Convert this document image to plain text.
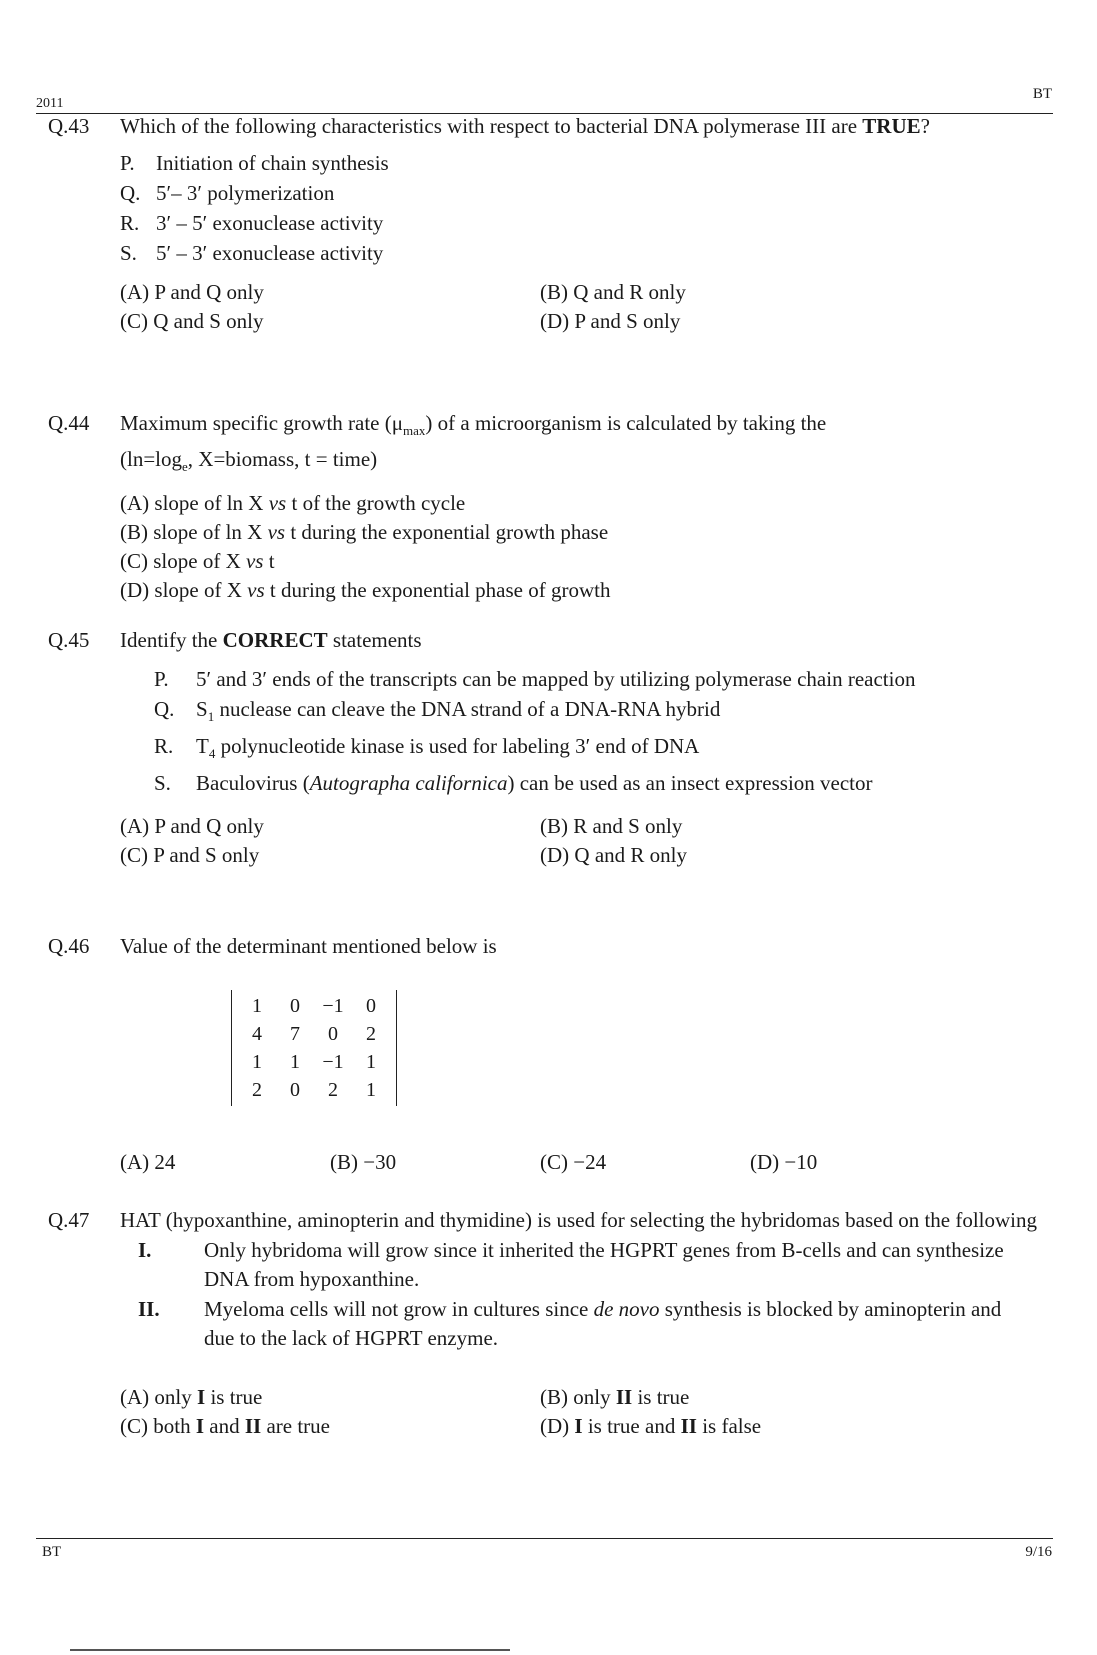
2011
BT
Q.43 Which of the following characteristics with respect to bacterial DNA polymerase III are TRUE?
P.	Initiation of chain synthesis
Q. 5′– 3′ polymerization
R. 3′ – 5′ exonuclease activity
S. 5′ – 3′ exonuclease activity
(A) P and Q only	(B) Q and R only
(C) Q and S only	(D) P and S only
Q.44 Maximum specific growth rate $(\mu_{max})$ of a microorganism is calculated by taking the
($\ln=\log_e$, X=biomass, t = time)
(A) slope of ln X vs t of the growth cycle
(B) slope of ln X vs t during the exponential growth phase
(C) slope of X vs t
(D) slope of X vs t during the exponential phase of growth
Q.45 Identify the CORRECT statements
P.	5′ and 3′ ends of the transcripts can be mapped by utilizing polymerase chain reaction
Q.	$S_1$ nuclease can cleave the DNA strand of a DNA-RNA hybrid
R.	$T_4$ polynucleotide kinase is used for labeling 3′ end of DNA
S.	Baculovirus (Autographa californica) can be used as an insect expression vector
(A) P and Q only	(B) R and S only
(C) P and S only	(D) Q and R only
Q.46 Value of the determinant mentioned below is
1	0	−1	0
4	7	0	2
1	1	−1	1
2	0	2	1
(A) 24	(B) −30	(C) −24	(D) −10
Q.47 HAT (hypoxanthine, aminopterin and thymidine) is used for selecting the hybridomas based on the following
I.	Only hybridoma will grow since it inherited the HGPRT genes from B-cells and can synthesize DNA from hypoxanthine.
II.	Myeloma cells will not grow in cultures since de novo synthesis is blocked by aminopterin and due to the lack of HGPRT enzyme.
(A) only I is true	(B) only II is true
(C) both I and II are true	(D) I is true and II is false
BT	9/16
